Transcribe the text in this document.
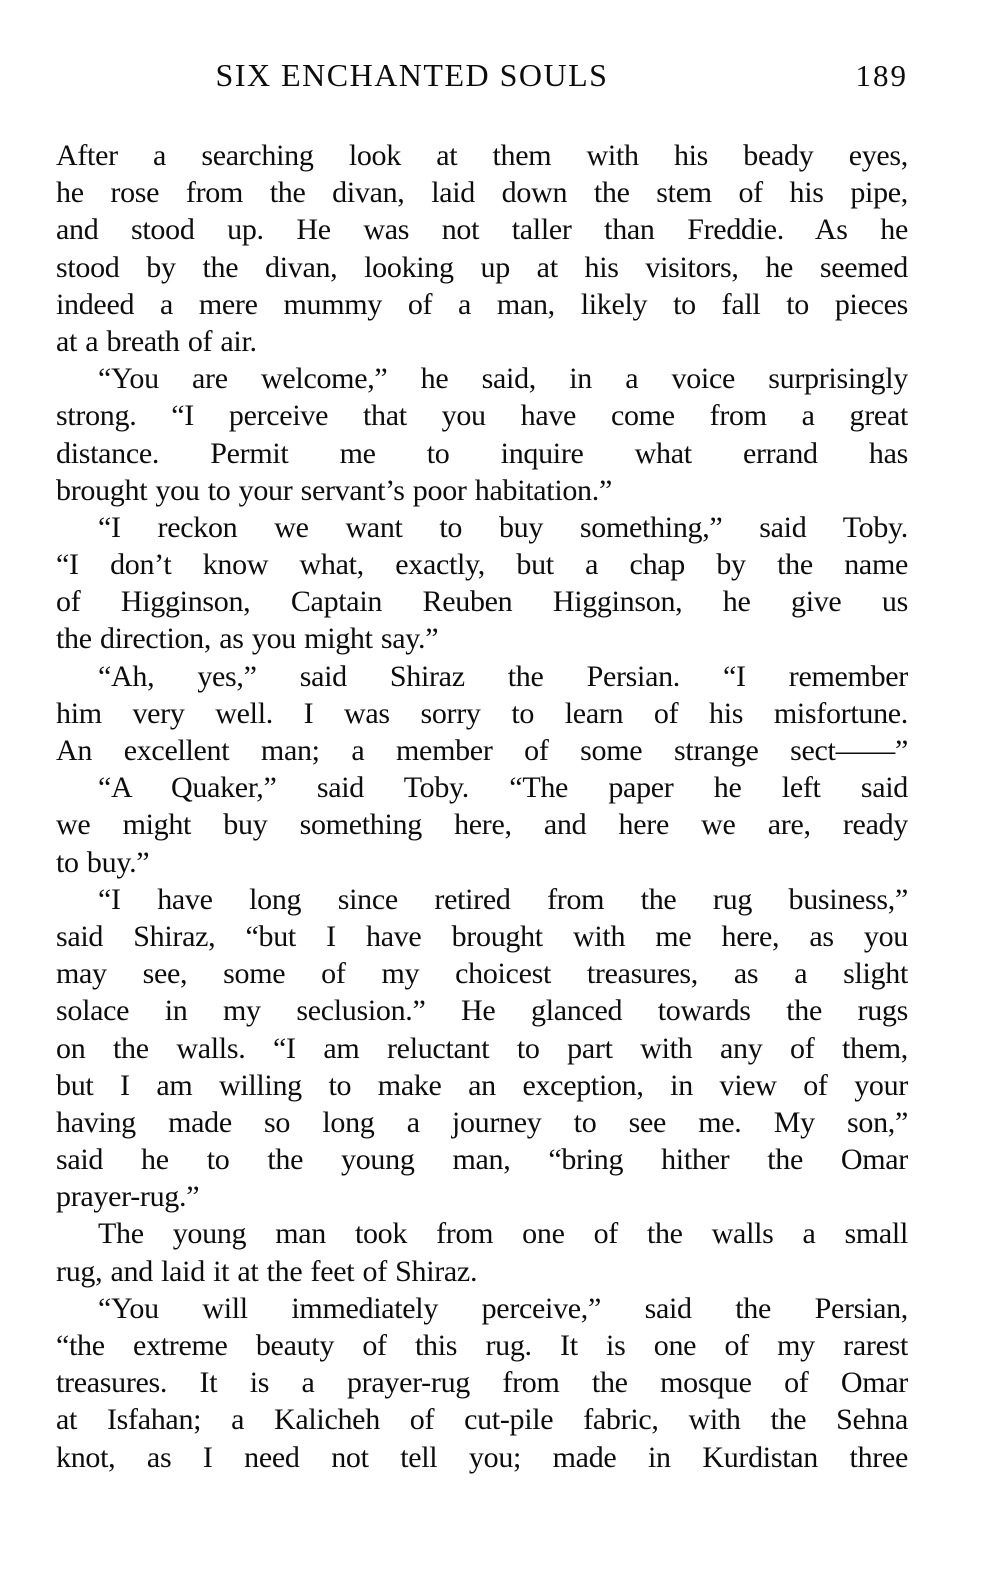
SIX ENCHANTED SOULS	189
After a searching look at them with his beady eyes,
he rose from the divan, laid down the stem of his pipe,
and stood up. He was not taller than Freddie. As he
stood by the divan, looking up at his visitors, he seemed
indeed a mere mummy of a man, likely to fall to pieces
at a breath of air.
“You are welcome,” he said, in a voice surprisingly
strong. “I perceive that you have come from a great
distance. Permit me to inquire what errand has
brought you to your servant’s poor habitation.”
“I reckon we want to buy something,” said Toby.
“I don’t know what, exactly, but a chap by the name
of Higginson, Captain Reuben Higginson, he give us
the direction, as you might say.”
“Ah, yes,” said Shiraz the Persian. “I remember
him very well. I was sorry to learn of his misfortune.
An excellent man; a member of some strange sect——”
“A Quaker,” said Toby. “The paper he left said
we might buy something here, and here we are, ready
to buy.”
“I have long since retired from the rug business,”
said Shiraz, “but I have brought with me here, as you
may see, some of my choicest treasures, as a slight
solace in my seclusion.” He glanced towards the rugs
on the walls. “I am reluctant to part with any of them,
but I am willing to make an exception, in view of your
having made so long a journey to see me. My son,”
said he to the young man, “bring hither the Omar
prayer-rug.”
The young man took from one of the walls a small
rug, and laid it at the feet of Shiraz.
“You will immediately perceive,” said the Persian,
“the extreme beauty of this rug. It is one of my rarest
treasures. It is a prayer-rug from the mosque of Omar
at Isfahan; a Kalicheh of cut-pile fabric, with the Sehna
knot, as I need not tell you; made in Kurdistan three
